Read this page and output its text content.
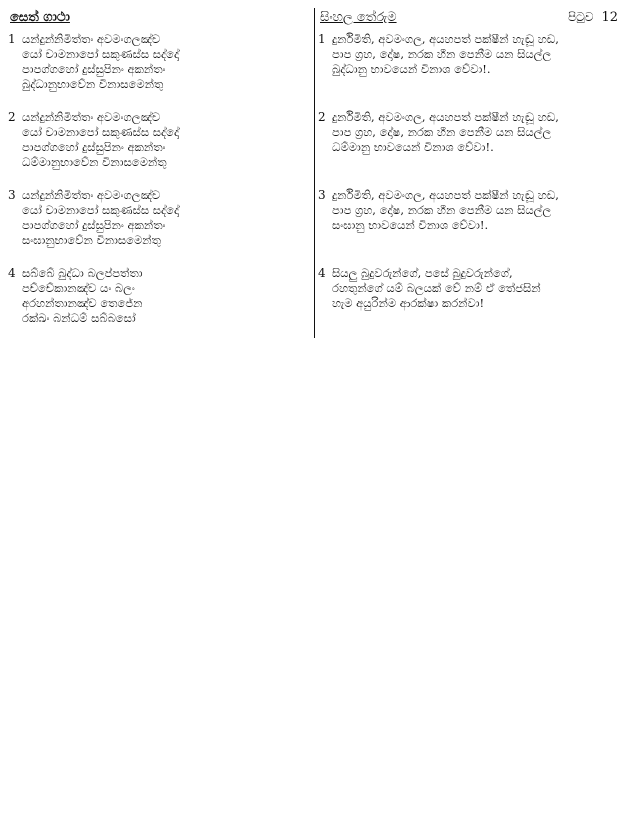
සෙත් ගාථා
1 යන්දුන්නිමිත්තං අවමංගලඤ්ච
යෝ චාමනාපෝ සකුණස්ස සද්දෝ
පාපග්ගහෝ දුස්සුපිනං අකන්තං
බුද්ධානුභාවේන විනාසමෙන්තු
2 යන්දුන්නිමිත්තං අවමංගලඤ්ච
යෝ චාමනාපෝ සකුණස්ස සද්දෝ
පාපග්ගහෝ දුස්සුපිනං අකන්තං
ධම්මානුභාවේන විනාසමෙන්තු
3 යන්දුන්නිමිත්තං අවමංගලඤ්ච
යෝ චාමනාපෝ සකුණස්ස සද්දෝ
පාපග්ගහෝ දුස්සුපිනං අකන්තං
සංඝානුභාවේන විනාසමෙන්තු
4 සබ්බේ බුද්ධා බලප්පත්තා
පච්චේකානඤ්ච යං බලං
අරහන්තානඤ්ච තෙජේන
රක්ඛං බන්ධම් සබ්බසෝ
සිංහල තේරුම	පිටුව 12
1 දුර්නිමිති, අවමංගල, අයහපත් පක්ෂීන් හැඬූ හඩ,
පාප ග්‍රහ, දෝෂ, නරක හීන පෙනීම යන සියල්ල
බුද්ධානු භාවයෙන් විනාශ වේවා!.
2 දුර්නිමිති, අවමංගල, අයහපත් පක්ෂීන් හැඬූ හඩ,
පාප ග්‍රහ, දෝෂ, නරක හීන පෙනීම යන සියල්ල
ධම්මානු භාවයෙන් විනාශ වේවා!.
3 දුර්නිමිති, අවමංගල, අයහපත් පක්ෂීන් හැඬූ හඩ,
පාප ග්‍රහ, දෝෂ, නරක හීන පෙනීම යන සියල්ල
සංඝානු භාවයෙන් විනාශ වේවා!.
4 සියලු බුදුවරුන්ගේ, පසේ බුදුවරුන්ගේ,
රහතුන්ගේ යම් බලයක් වේ නම් ඒ තේජසින්
හැම අයුරින්ම ආරක්ෂා කරන්වා!
